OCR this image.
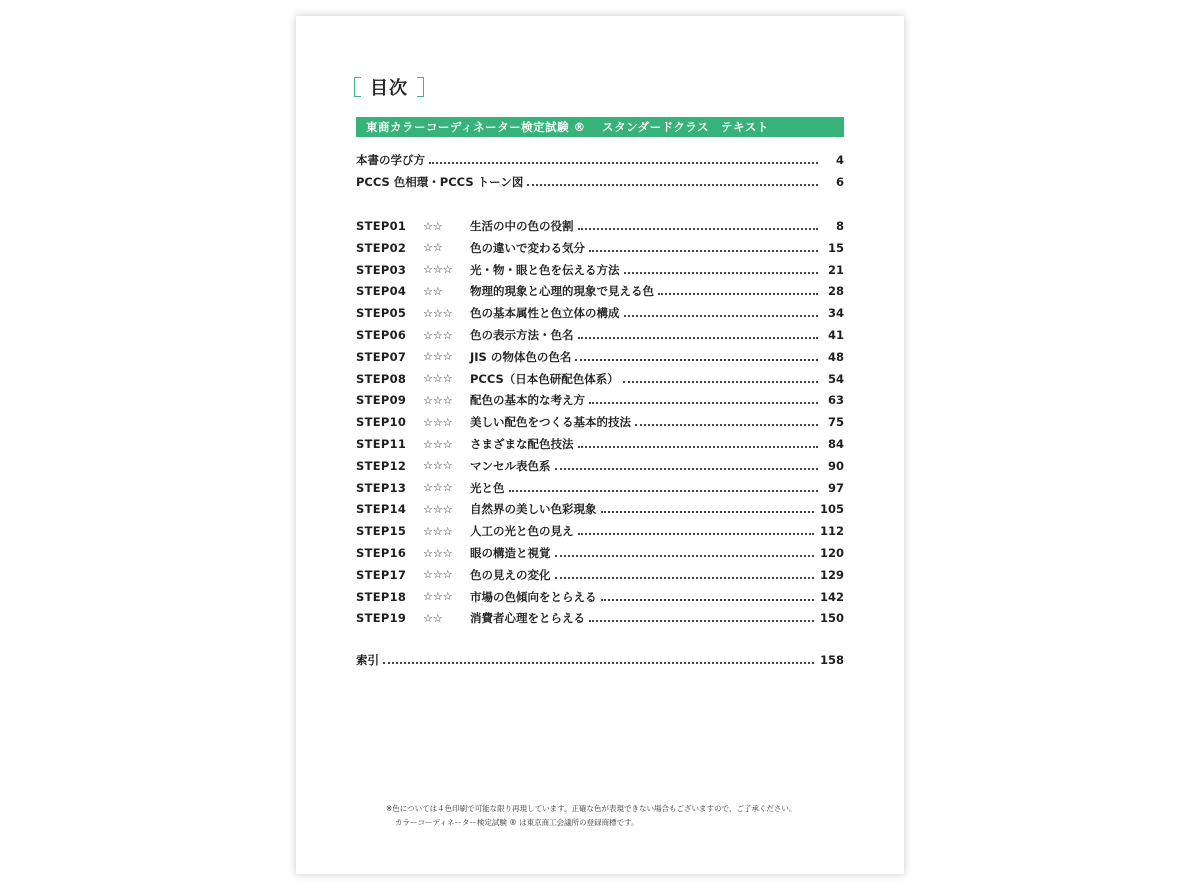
目次
東商カラーコーディネーター検定試験 ®　 スタンダードクラス　テキスト
本書の学び方	4
PCCS 色相環・PCCS トーン図	6
STEP01	☆☆	生活の中の色の役割	8
STEP02	☆☆	色の違いで変わる気分	15
STEP03	☆☆☆	光・物・眼と色を伝える方法	21
STEP04	☆☆	物理的現象と心理的現象で見える色	28
STEP05	☆☆☆	色の基本属性と色立体の構成	34
STEP06	☆☆☆	色の表示方法・色名	41
STEP07	☆☆☆	JIS の物体色の色名	48
STEP08	☆☆☆	PCCS（日本色研配色体系）	54
STEP09	☆☆☆	配色の基本的な考え方	63
STEP10	☆☆☆	美しい配色をつくる基本的技法	75
STEP11	☆☆☆	さまざまな配色技法	84
STEP12	☆☆☆	マンセル表色系	90
STEP13	☆☆☆	光と色	97
STEP14	☆☆☆	自然界の美しい色彩現象	105
STEP15	☆☆☆	人工の光と色の見え	112
STEP16	☆☆☆	眼の構造と視覚	120
STEP17	☆☆☆	色の見えの変化	129
STEP18	☆☆☆	市場の色傾向をとらえる	142
STEP19	☆☆	消費者心理をとらえる	150
索引	158
※色については４色印刷で可能な限り再現しています。正確な色が表現できない場合もございますので、ご了承ください。
カラーコーディネーター検定試験 ® は東京商工会議所の登録商標です。
